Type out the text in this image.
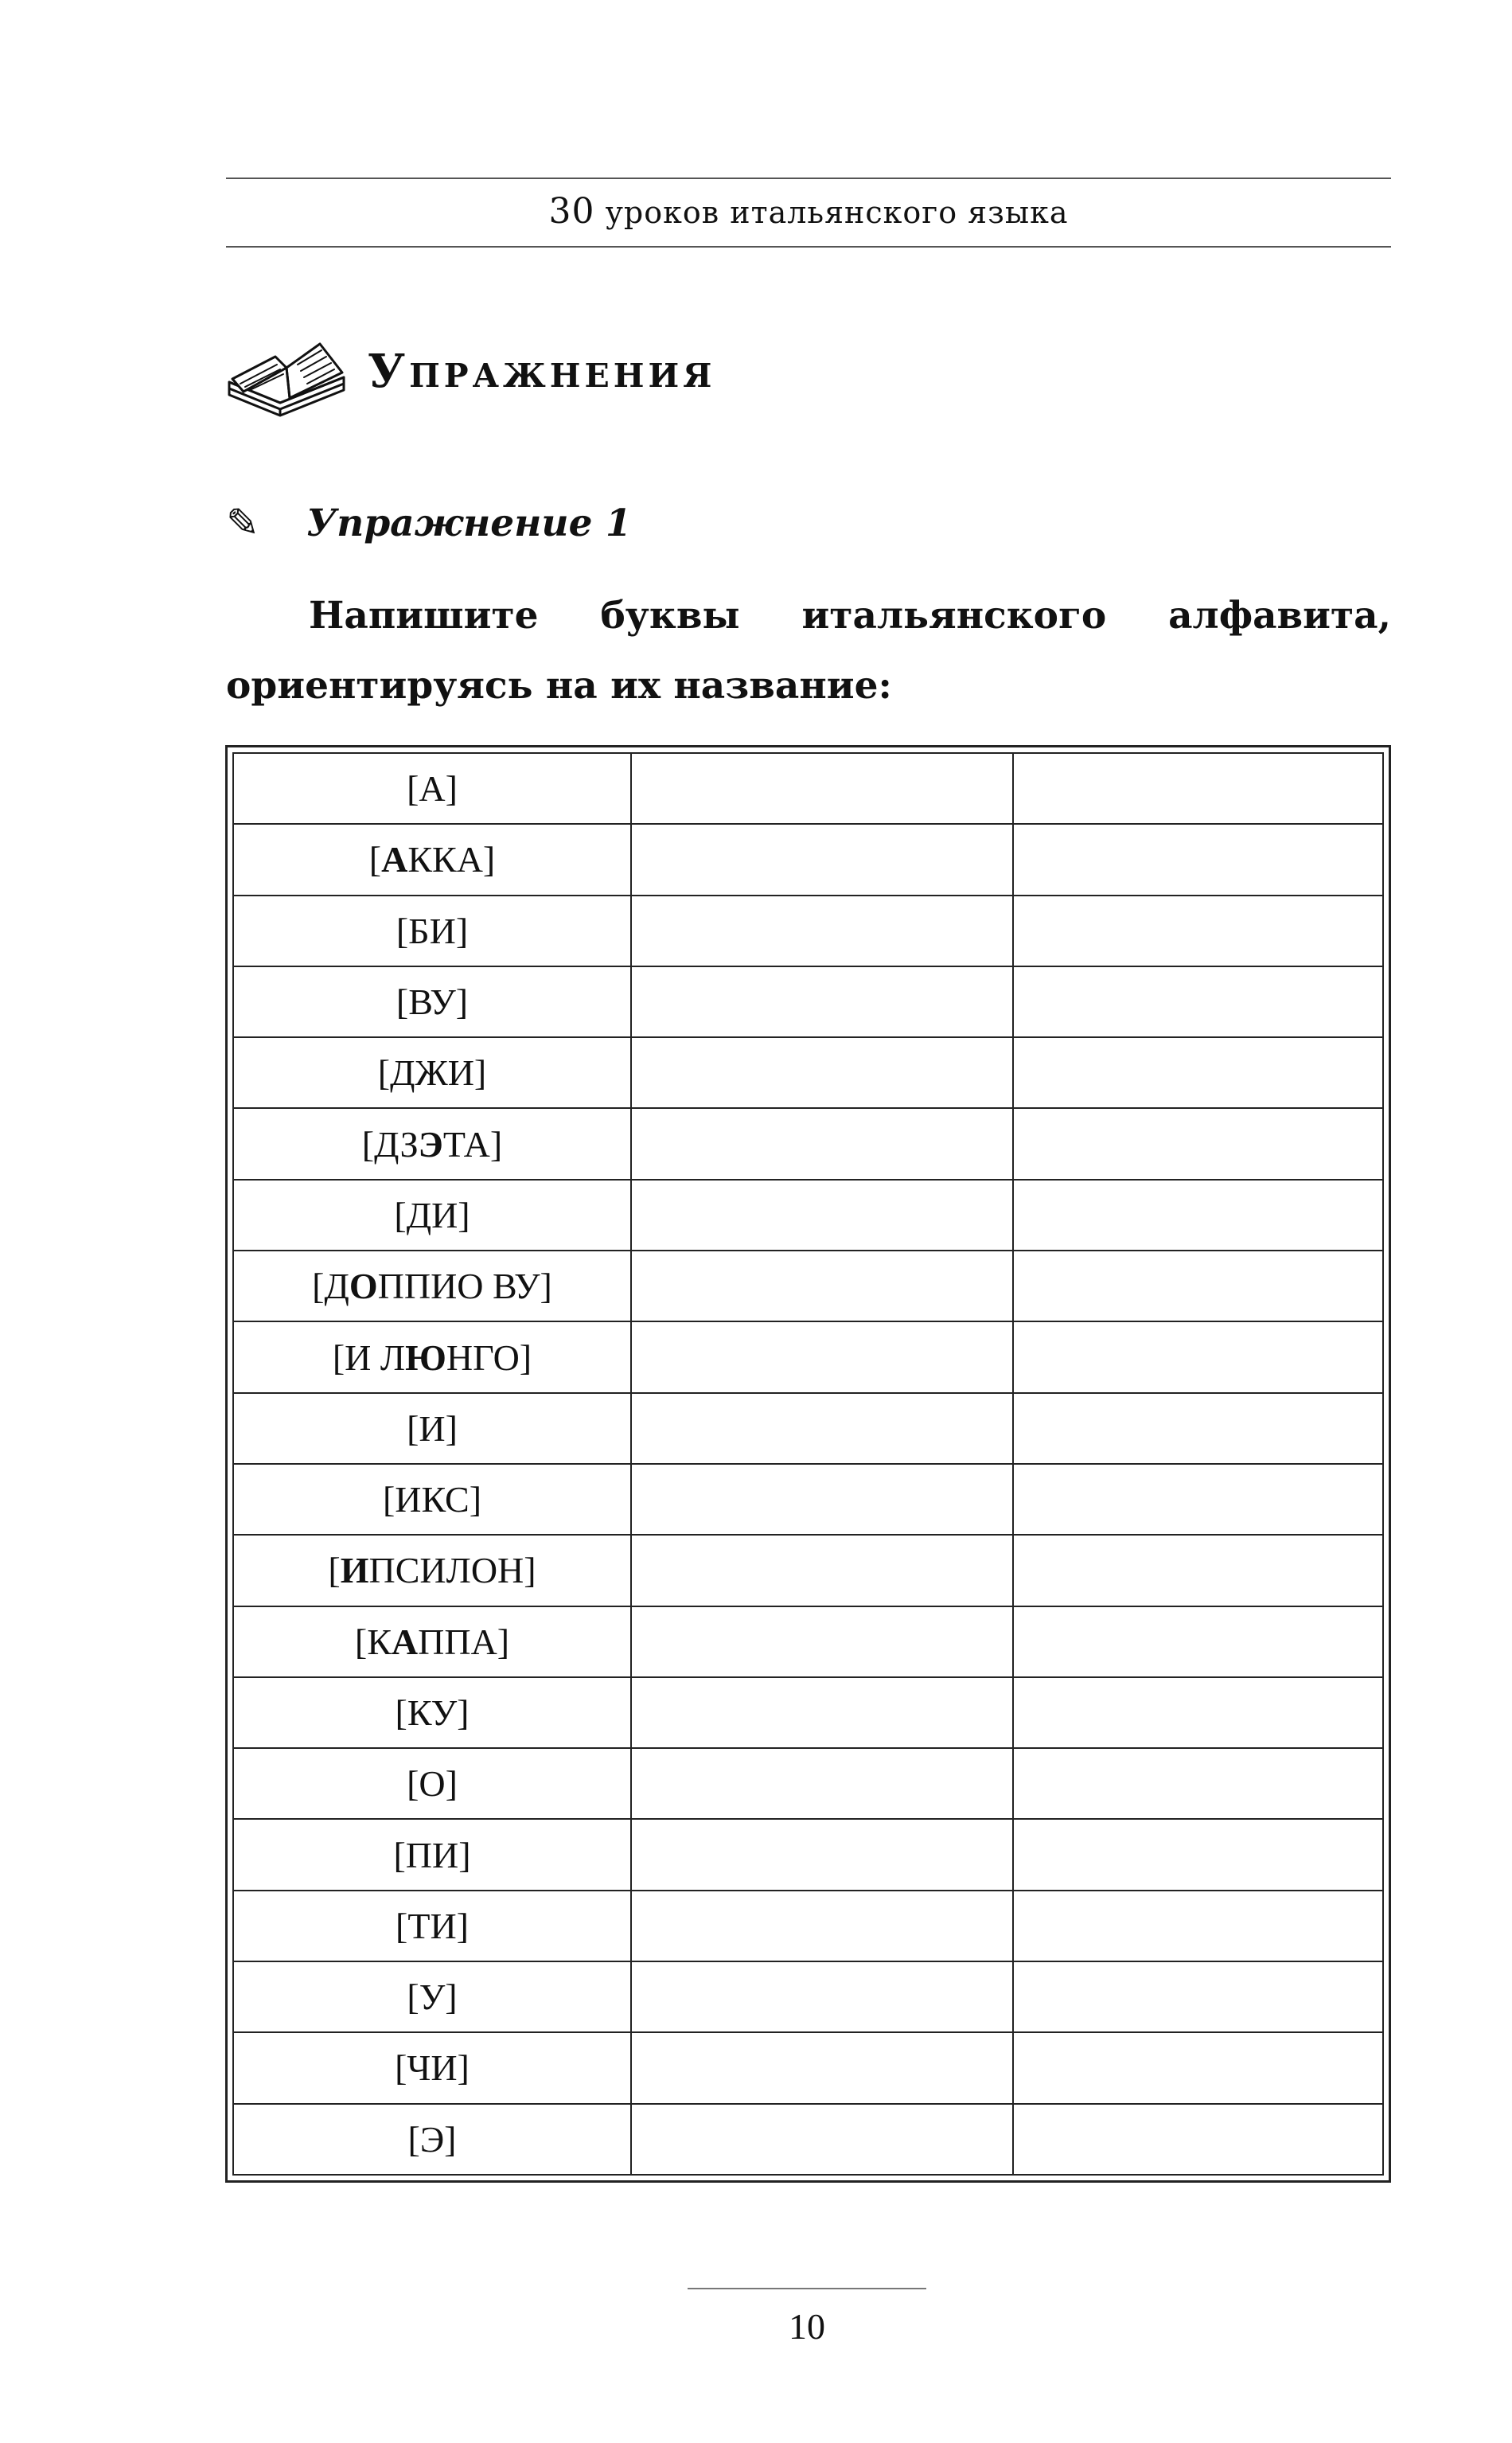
30 уроков итальянского языка
Упражнения
✎ Упражнение 1
Напишите буквы итальянского алфавита, ориентируясь на их название:
[А]		
[АККА]		
[БИ]		
[ВУ]		
[ДЖИ]		
[ДЗЭТА]		
[ДИ]		
[ДОППИО ВУ]		
[И ЛЮНГО]		
[И]		
[ИКС]		
[ИПСИЛОН]		
[КАППА]		
[КУ]		
[О]		
[ПИ]		
[ТИ]		
[У]		
[ЧИ]		
[Э]		
10
